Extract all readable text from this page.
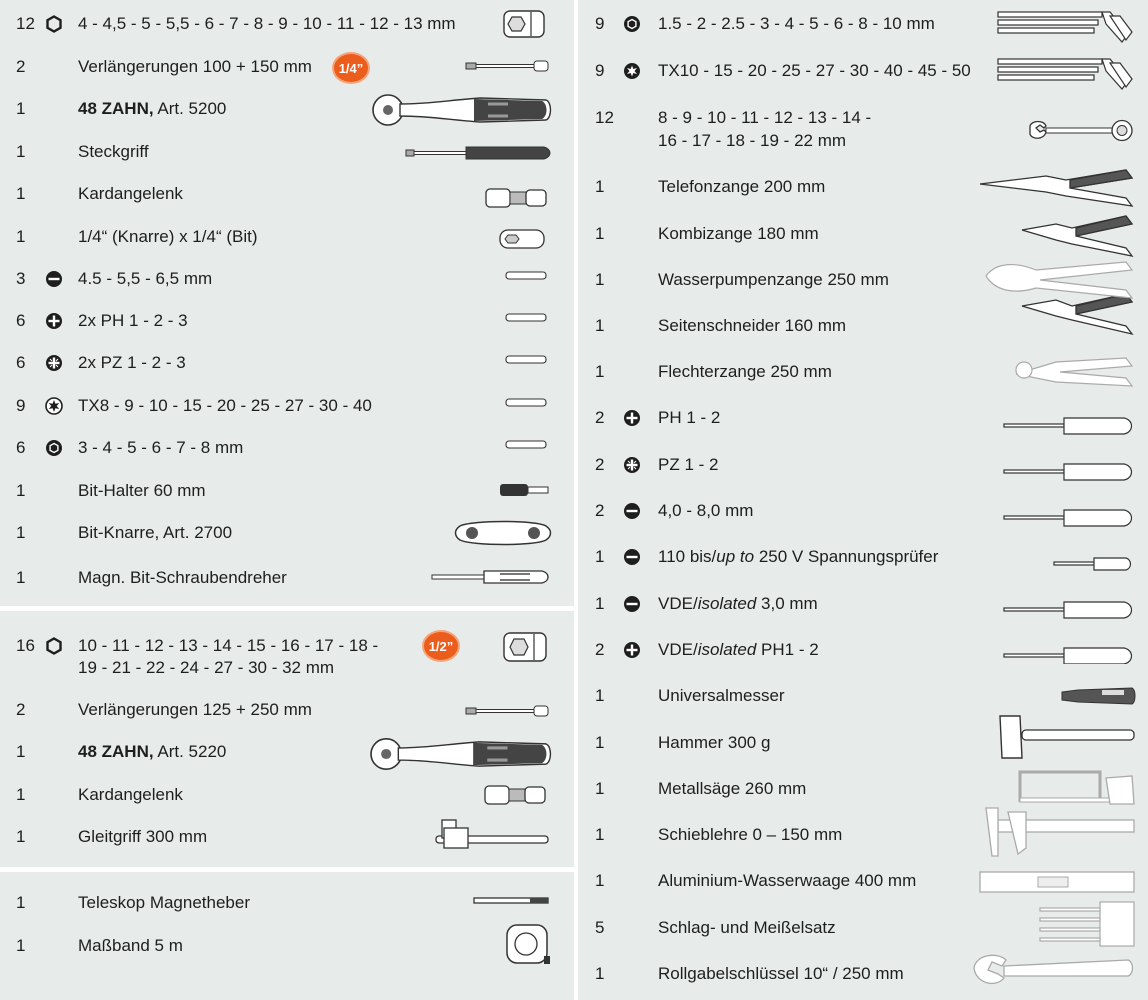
12	4 - 4,5 - 5 - 5,5 - 6 - 7 - 8 - 9 - 10 - 11 - 12 - 13 mm
2	Verlängerungen 100 + 150 mm
1	48 ZAHN, Art. 5200
1	Steckgriff
1	Kardangelenk
1	1/4“ (Knarre) x 1/4“ (Bit)
3	4.5 - 5,5 - 6,5 mm
6	2x PH 1 - 2 - 3
6	2x PZ 1 - 2 - 3
9	TX8 - 9 - 10 - 15 - 20 - 25 - 27 - 30 - 40
6	3 - 4 - 5 - 6 - 7 - 8 mm
1	Bit-Halter 60 mm
1	Bit-Knarre, Art. 2700
1	Magn. Bit-Schraubendreher
16	10 - 11 - 12 - 13 - 14 - 15 - 16 - 17 - 18 -
19 - 21 - 22 - 24 - 27 - 30 - 32 mm
1/2”
2	Verlängerungen 125 + 250 mm
1	48 ZAHN, Art. 5220
1	Kardangelenk
1	Gleitgriff 300 mm
1	Teleskop Magnetheber
1	Maßband 5 m
9	1.5 - 2 - 2.5 - 3 - 4 - 5 - 6 - 8 - 10 mm
9	TX10 - 15 - 20 - 25 - 27 - 30 - 40 - 45 - 50
12	8 - 9 - 10 - 11 - 12 - 13 - 14 -
16 - 17 - 18 - 19 - 22 mm
1	Telefonzange 200 mm
1	Kombizange 180 mm
1	Wasserpumpenzange 250 mm
1	Seitenschneider 160 mm
1	Flechterzange 250 mm
2	PH 1 - 2
2	PZ 1 - 2
2	4,0 - 8,0 mm
1	110 bis/up to 250 V Spannungsprüfer
1	VDE/isolated 3,0 mm
2	VDE/isolated PH1 - 2
1	Universalmesser
1	Hammer 300 g
1	Metallsäge 260 mm
1	Schieblehre 0 – 150 mm
1	Aluminium-Wasserwaage 400 mm
5	Schlag- und Meißelsatz
1	Rollgabelschlüssel 10“ / 250 mm
1/4”
